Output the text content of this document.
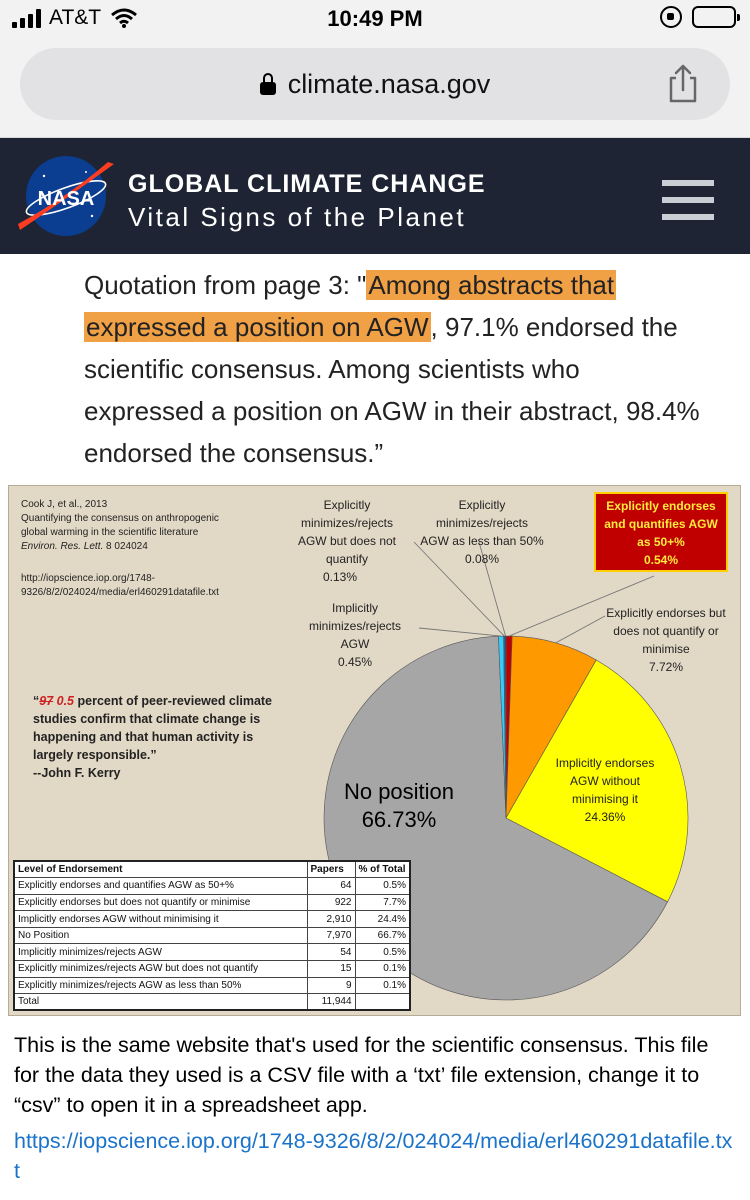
AT&T	10:49 PM
climate.nasa.gov
NASA
GLOBAL CLIMATE CHANGE
Vital Signs of the Planet
Quotation from page 3: "Among abstracts that
expressed a position on AGW, 97.1% endorsed the scientific consensus. Among scientists who expressed a position on AGW in their abstract, 98.4% endorsed the consensus.”
Cook J, et al., 2013
Quantifying the consensus on anthropogenic
global warming in the scientific literature
Environ. Res. Lett. 8 024024
http://iopscience.iop.org/1748-
9326/8/2/024024/media/erl460291datafile.txt
“97 0.5 percent of peer-reviewed climate studies confirm that climate change is happening and that human activity is largely responsible.”
--John F. Kerry
Explicitly
minimizes/rejects
AGW but does not
quantify
0.13%
Explicitly
minimizes/rejects
AGW as less than 50%
0.08%
Explicitly endorses
and quantifies AGW
as 50+%
0.54%
Explicitly endorses but
does not quantify or
minimise
7.72%
Implicitly
minimizes/rejects
AGW
0.45%
Implicitly endorses
AGW without
minimising it
24.36%
No position
66.73%
Level of Endorsement	Papers	% of Total
Explicitly endorses and quantifies AGW as 50+%	64	0.5%
Explicitly endorses but does not quantify or minimise	922	7.7%
Implicitly endorses AGW without minimising it	2,910	24.4%
No Position	7,970	66.7%
Implicitly minimizes/rejects AGW	54	0.5%
Explicitly minimizes/rejects AGW but does not quantify	15	0.1%
Explicitly minimizes/rejects AGW as less than 50%	9	0.1%
Total	11,944	
This is the same website that's used for the scientific consensus. This file for the data they used is a CSV file with a ‘txt’ file extension, change it to “csv” to open it in a spreadsheet app.
https://iopscience.iop.org/1748-9326/8/2/024024/media/erl460291datafile.txt
